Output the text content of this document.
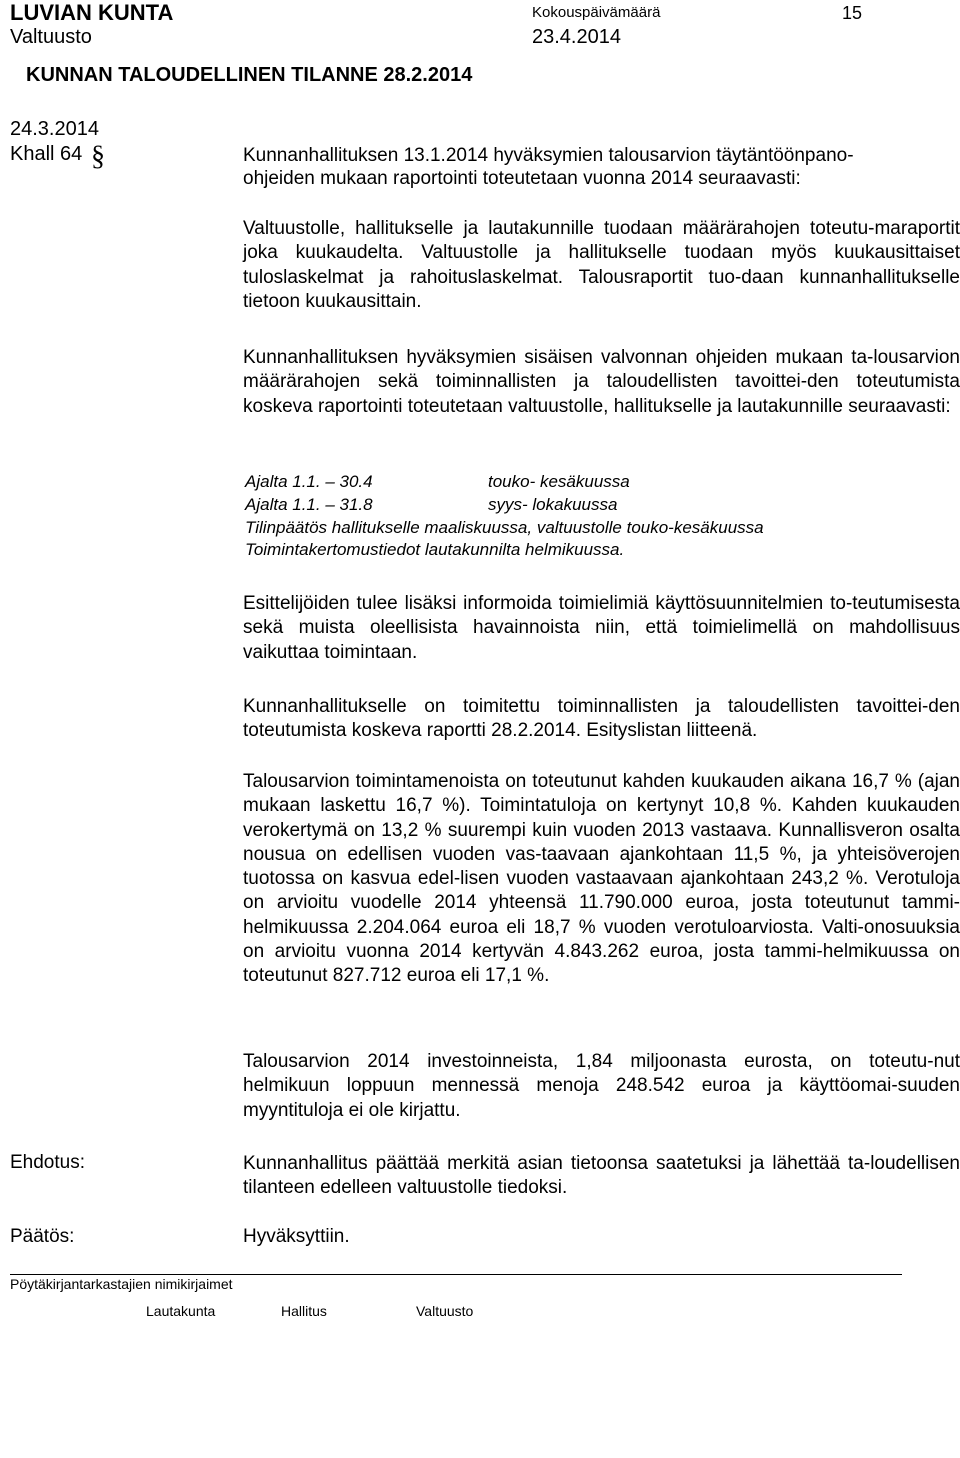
LUVIAN KUNTA
Valtuusto
Kokouspäivämäärä	15
23.4.2014
KUNNAN TALOUDELLINEN TILANNE 28.2.2014
24.3.2014
Khall 64 §	Kunnanhallituksen 13.1.2014 hyväksymien talousarvion täytäntöönpano-
ohjeiden mukaan raportointi toteutetaan vuonna 2014 seuraavasti:
Valtuustolle, hallitukselle ja lautakunnille tuodaan määrärahojen toteutu-maraportit joka kuukaudelta. Valtuustolle ja hallitukselle tuodaan myös kuukausittaiset tuloslaskelmat ja rahoituslaskelmat. Talousraportit tuo-daan kunnanhallitukselle tietoon kuukausittain.
Kunnanhallituksen hyväksymien sisäisen valvonnan ohjeiden mukaan ta-lousarvion määrärahojen sekä toiminnallisten ja taloudellisten tavoittei-den toteutumista koskeva raportointi toteutetaan valtuustolle, hallitukselle ja lautakunnille seuraavasti:
Ajalta 1.1. – 30.4	touko- kesäkuussa
Ajalta 1.1. – 31.8	syys- lokakuussa
Tilinpäätös hallitukselle maaliskuussa, valtuustolle touko-kesäkuussa
Toimintakertomustiedot lautakunnilta helmikuussa.
Esittelijöiden tulee lisäksi informoida toimielimiä käyttösuunnitelmien to-teutumisesta sekä muista oleellisista havainnoista niin, että toimielimellä on mahdollisuus vaikuttaa toimintaan.
Kunnanhallitukselle on toimitettu toiminnallisten ja taloudellisten tavoittei-den toteutumista koskeva raportti 28.2.2014. Esityslistan liitteenä.
Talousarvion toimintamenoista on toteutunut kahden kuukauden aikana 16,7 % (ajan mukaan laskettu 16,7 %). Toimintatuloja on kertynyt 10,8 %. Kahden kuukauden verokertymä on 13,2 % suurempi kuin vuoden 2013 vastaava. Kunnallisveron osalta nousua on edellisen vuoden vas-taavaan ajankohtaan 11,5 %, ja yhteisöverojen tuotossa on kasvua edel-lisen vuoden vastaavaan ajankohtaan 243,2 %. Verotuloja on arvioitu vuodelle 2014 yhteensä 11.790.000 euroa, josta toteutunut tammi-helmikuussa 2.204.064 euroa eli 18,7 % vuoden verotuloarviosta. Valti-onosuuksia on arvioitu vuonna 2014 kertyvän 4.843.262 euroa, josta tammi-helmikuussa on toteutunut 827.712 euroa eli 17,1 %.
Talousarvion 2014 investoinneista, 1,84 miljoonasta eurosta, on toteutu-nut helmikuun loppuun mennessä menoja 248.542 euroa ja käyttöomai-suuden myyntituloja ei ole kirjattu.
Ehdotus:	Kunnanhallitus päättää merkitä asian tietoonsa saatetuksi ja lähettää ta-loudellisen tilanteen edelleen valtuustolle tiedoksi.
Päätös:	Hyväksyttiin.
Pöytäkirjantarkastajien nimikirjaimet
Lautakunta	Hallitus	Valtuusto
